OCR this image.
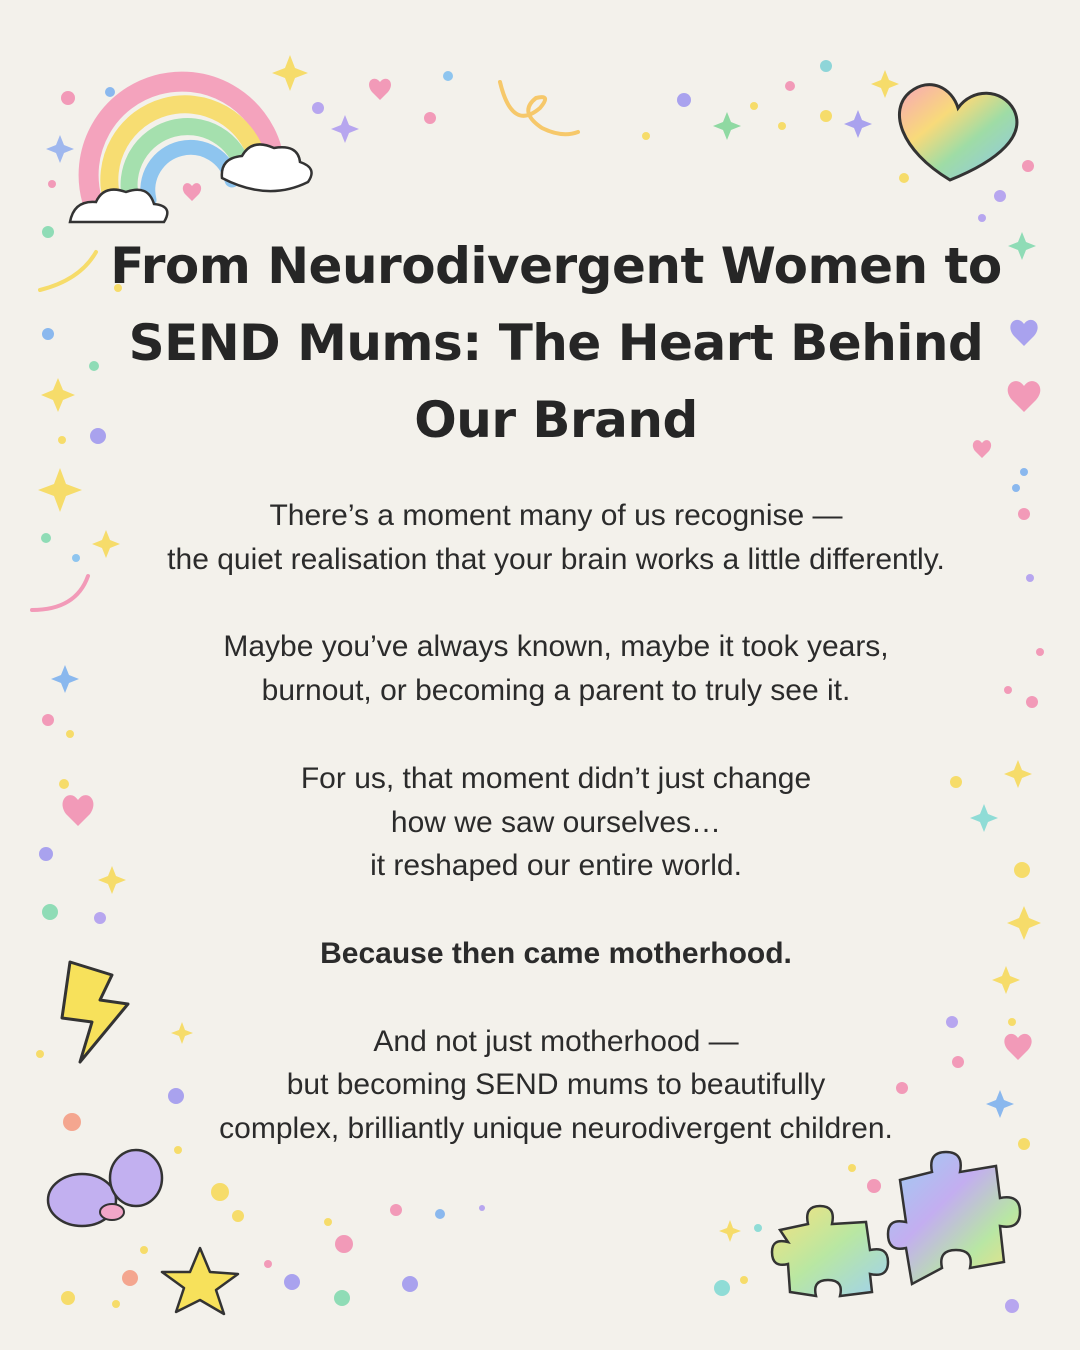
From Neurodivergent Women to
SEND Mums: The Heart Behind
Our Brand

There’s a moment many of us recognise —
the quiet realisation that your brain works a little differently.

Maybe you’ve always known, maybe it took years,
burnout, or becoming a parent to truly see it.

For us, that moment didn’t just change
how we saw ourselves…
it reshaped our entire world.

Because then came motherhood.

And not just motherhood —
but becoming SEND mums to beautifully
complex, brilliantly unique neurodivergent children.
